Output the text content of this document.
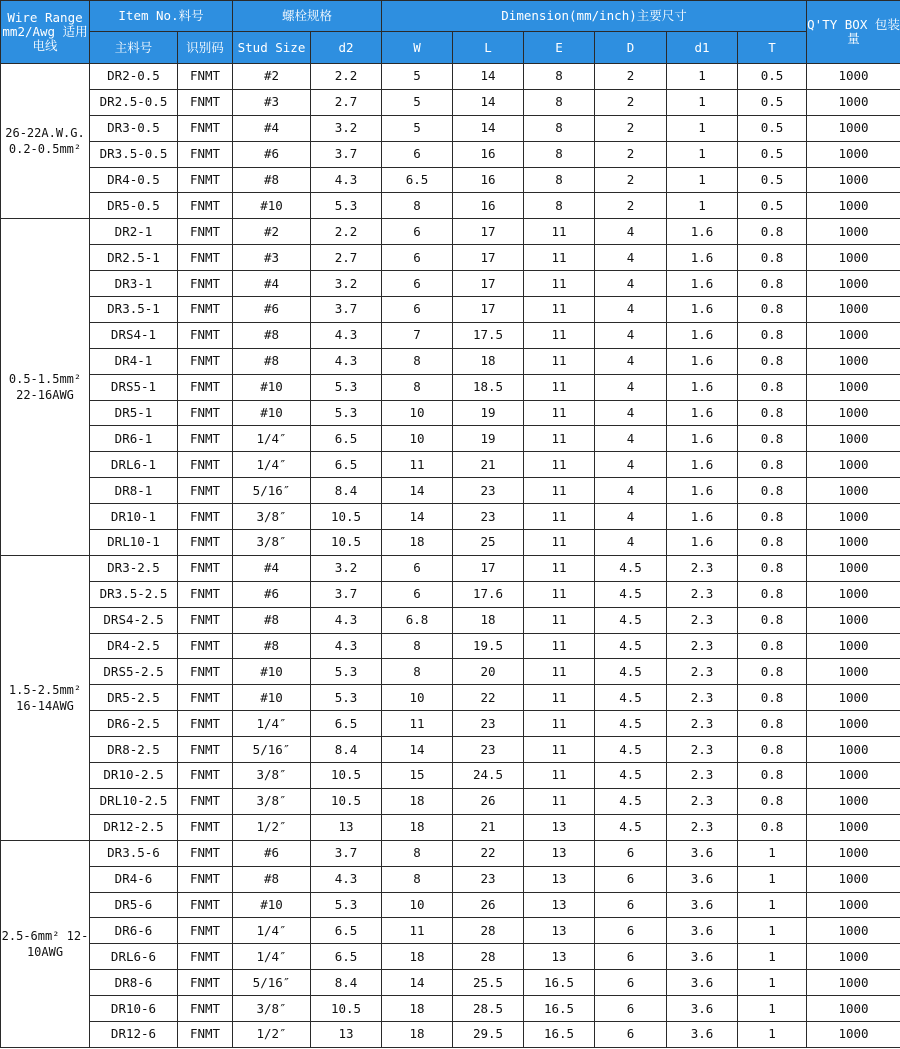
Wire Range mm2/Awg 适用电线	Item No.料号		螺栓规格		Dimension(mm/inch)主要尺寸						Q'TY BOX 包装量
	主料号	识别码	Stud Size	d2	W	L	E	D	d1	T	
26-22A.W.G. 0.2-0.5mm²	DR2-0.5	FNMT	#2	2.2	5	14	8	2	1	0.5	1000
	DR2.5-0.5	FNMT	#3	2.7	5	14	8	2	1	0.5	1000
	DR3-0.5	FNMT	#4	3.2	5	14	8	2	1	0.5	1000
	DR3.5-0.5	FNMT	#6	3.7	6	16	8	2	1	0.5	1000
	DR4-0.5	FNMT	#8	4.3	6.5	16	8	2	1	0.5	1000
	DR5-0.5	FNMT	#10	5.3	8	16	8	2	1	0.5	1000
0.5-1.5mm² 22-16AWG	DR2-1	FNMT	#2	2.2	6	17	11	4	1.6	0.8	1000
	DR2.5-1	FNMT	#3	2.7	6	17	11	4	1.6	0.8	1000
	DR3-1	FNMT	#4	3.2	6	17	11	4	1.6	0.8	1000
	DR3.5-1	FNMT	#6	3.7	6	17	11	4	1.6	0.8	1000
	DRS4-1	FNMT	#8	4.3	7	17.5	11	4	1.6	0.8	1000
	DR4-1	FNMT	#8	4.3	8	18	11	4	1.6	0.8	1000
	DRS5-1	FNMT	#10	5.3	8	18.5	11	4	1.6	0.8	1000
	DR5-1	FNMT	#10	5.3	10	19	11	4	1.6	0.8	1000
	DR6-1	FNMT	1/4″	6.5	10	19	11	4	1.6	0.8	1000
	DRL6-1	FNMT	1/4″	6.5	11	21	11	4	1.6	0.8	1000
	DR8-1	FNMT	5/16″	8.4	14	23	11	4	1.6	0.8	1000
	DR10-1	FNMT	3/8″	10.5	14	23	11	4	1.6	0.8	1000
	DRL10-1	FNMT	3/8″	10.5	18	25	11	4	1.6	0.8	1000
1.5-2.5mm² 16-14AWG	DR3-2.5	FNMT	#4	3.2	6	17	11	4.5	2.3	0.8	1000
	DR3.5-2.5	FNMT	#6	3.7	6	17.6	11	4.5	2.3	0.8	1000
	DRS4-2.5	FNMT	#8	4.3	6.8	18	11	4.5	2.3	0.8	1000
	DR4-2.5	FNMT	#8	4.3	8	19.5	11	4.5	2.3	0.8	1000
	DRS5-2.5	FNMT	#10	5.3	8	20	11	4.5	2.3	0.8	1000
	DR5-2.5	FNMT	#10	5.3	10	22	11	4.5	2.3	0.8	1000
	DR6-2.5	FNMT	1/4″	6.5	11	23	11	4.5	2.3	0.8	1000
	DR8-2.5	FNMT	5/16″	8.4	14	23	11	4.5	2.3	0.8	1000
	DR10-2.5	FNMT	3/8″	10.5	15	24.5	11	4.5	2.3	0.8	1000
	DRL10-2.5	FNMT	3/8″	10.5	18	26	11	4.5	2.3	0.8	1000
	DR12-2.5	FNMT	1/2″	13	18	21	13	4.5	2.3	0.8	1000
2.5-6mm² 12-10AWG	DR3.5-6	FNMT	#6	3.7	8	22	13	6	3.6	1	1000
	DR4-6	FNMT	#8	4.3	8	23	13	6	3.6	1	1000
	DR5-6	FNMT	#10	5.3	10	26	13	6	3.6	1	1000
	DR6-6	FNMT	1/4″	6.5	11	28	13	6	3.6	1	1000
	DRL6-6	FNMT	1/4″	6.5	18	28	13	6	3.6	1	1000
	DR8-6	FNMT	5/16″	8.4	14	25.5	16.5	6	3.6	1	1000
	DR10-6	FNMT	3/8″	10.5	18	28.5	16.5	6	3.6	1	1000
	DR12-6	FNMT	1/2″	13	18	29.5	16.5	6	3.6	1	1000
